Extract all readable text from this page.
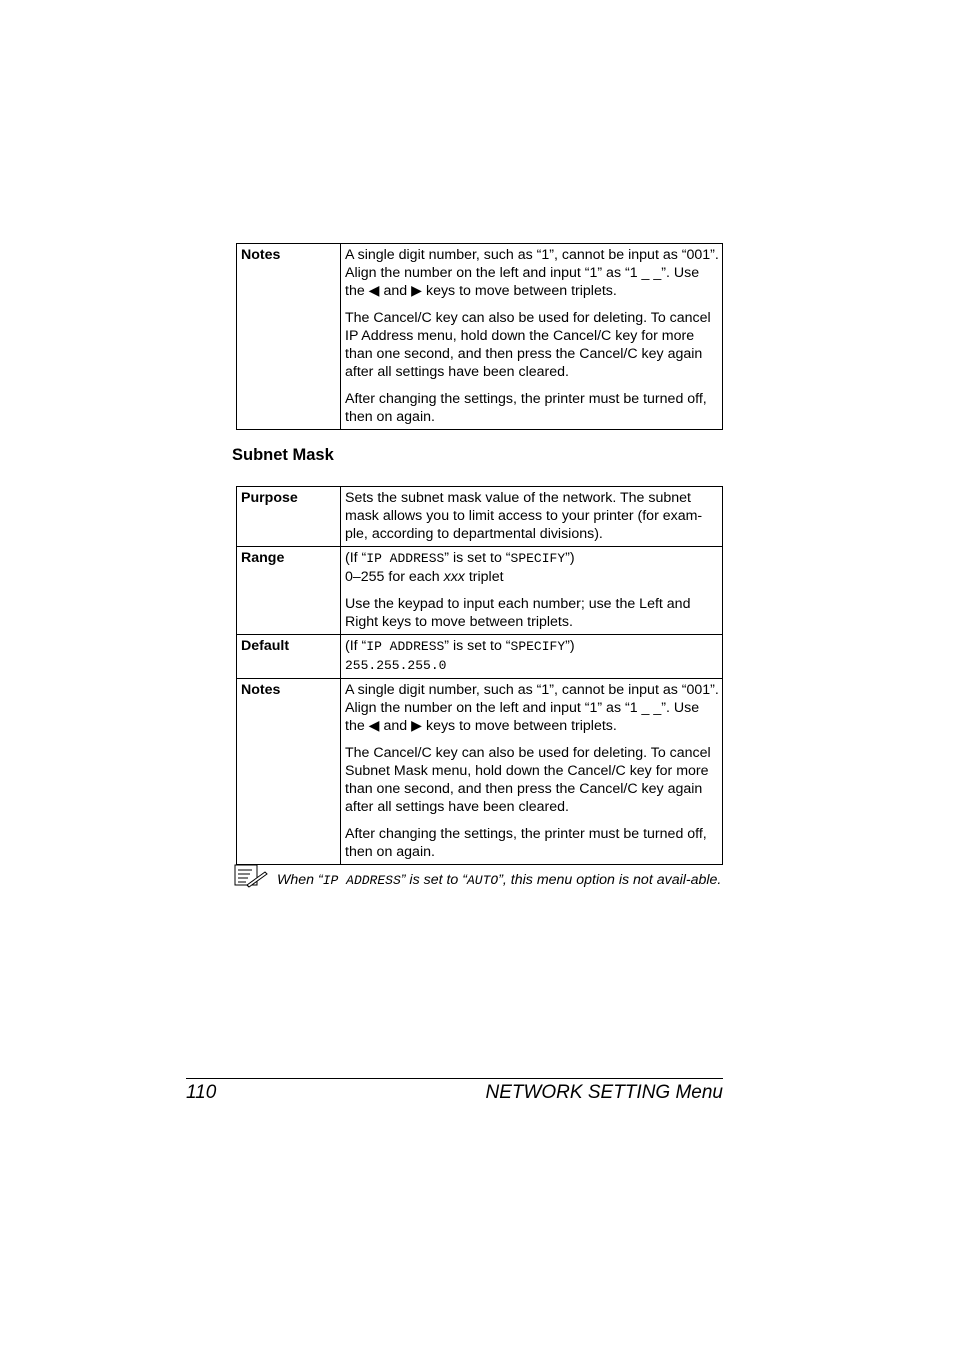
Notes	A single digit number, such as “1”, cannot be input as “001”. Align the number on the left and input “1” as “1 _ _”. Use the ◀ and ▶ keys to move between triplets.

The Cancel/C key can also be used for deleting. To cancel IP Address menu, hold down the Cancel/C key for more than one second, and then press the Cancel/C key again after all settings have been cleared.

After changing the settings, the printer must be turned off, then on again.

Subnet Mask
Purpose	Sets the subnet mask value of the network. The subnet mask allows you to limit access to your printer (for exam-ple, according to departmental divisions).

Range	(If “IP ADDRESS” is set to “SPECIFY”)
0–255 for each xxx triplet

Use the keypad to input each number; use the Left and Right keys to move between triplets.

Default	(If “IP ADDRESS” is set to “SPECIFY”)
255.255.255.0

Notes	A single digit number, such as “1”, cannot be input as “001”. Align the number on the left and input “1” as “1 _ _”. Use the ◀ and ▶ keys to move between triplets.

The Cancel/C key can also be used for deleting. To cancel Subnet Mask menu, hold down the Cancel/C key for more than one second, and then press the Cancel/C key again after all settings have been cleared.

After changing the settings, the printer must be turned off, then on again.

When “IP ADDRESS” is set to “AUTO”, this menu option is not avail-able.
110	NETWORK SETTING Menu
